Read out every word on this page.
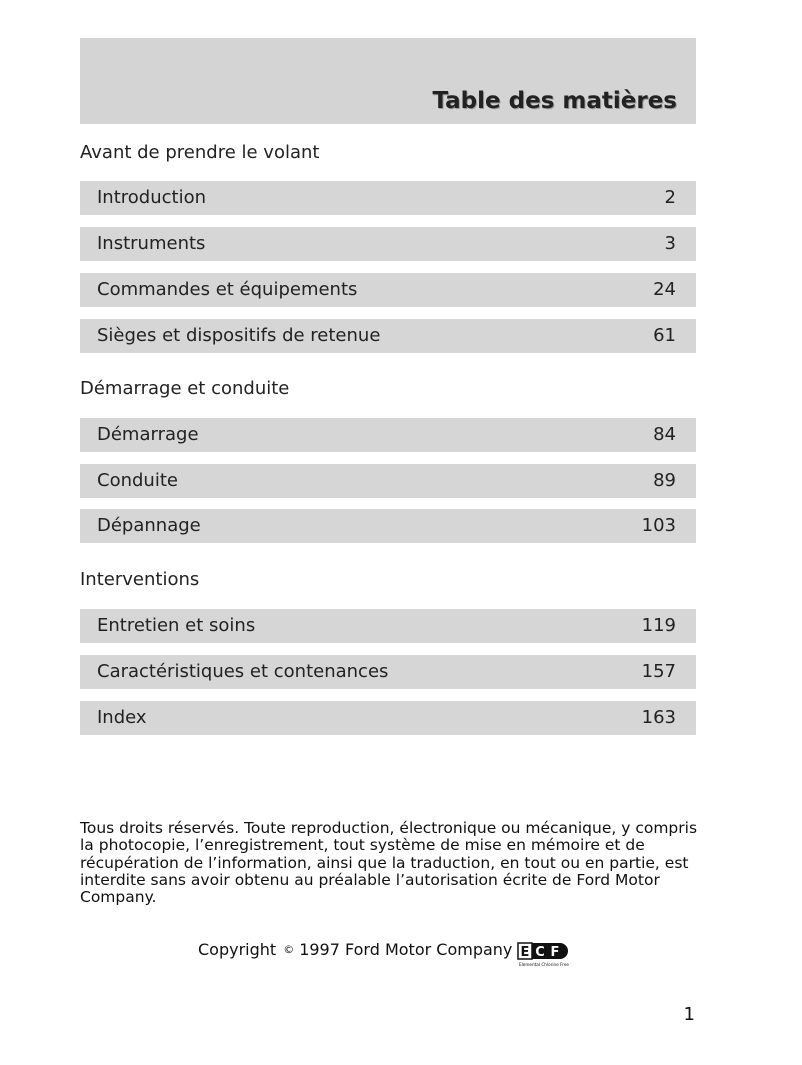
Table des matières
Avant de prendre le volant
Introduction	2
Instruments	3
Commandes et équipements	24
Sièges et dispositifs de retenue	61
Démarrage et conduite
Démarrage	84
Conduite	89
Dépannage	103
Interventions
Entretien et soins	119
Caractéristiques et contenances	157
Index	163
Tous droits réservés. Toute reproduction, électronique ou mécanique, y compris la photocopie, l’enregistrement, tout système de mise en mémoire et de récupération de l’information, ainsi que la traduction, en tout ou en partie, est interdite sans avoir obtenu au préalable l’autorisation écrite de Ford Motor Company.
Copyright © 1997 Ford Motor Company E C F
Elemental Chlorine Free
1
